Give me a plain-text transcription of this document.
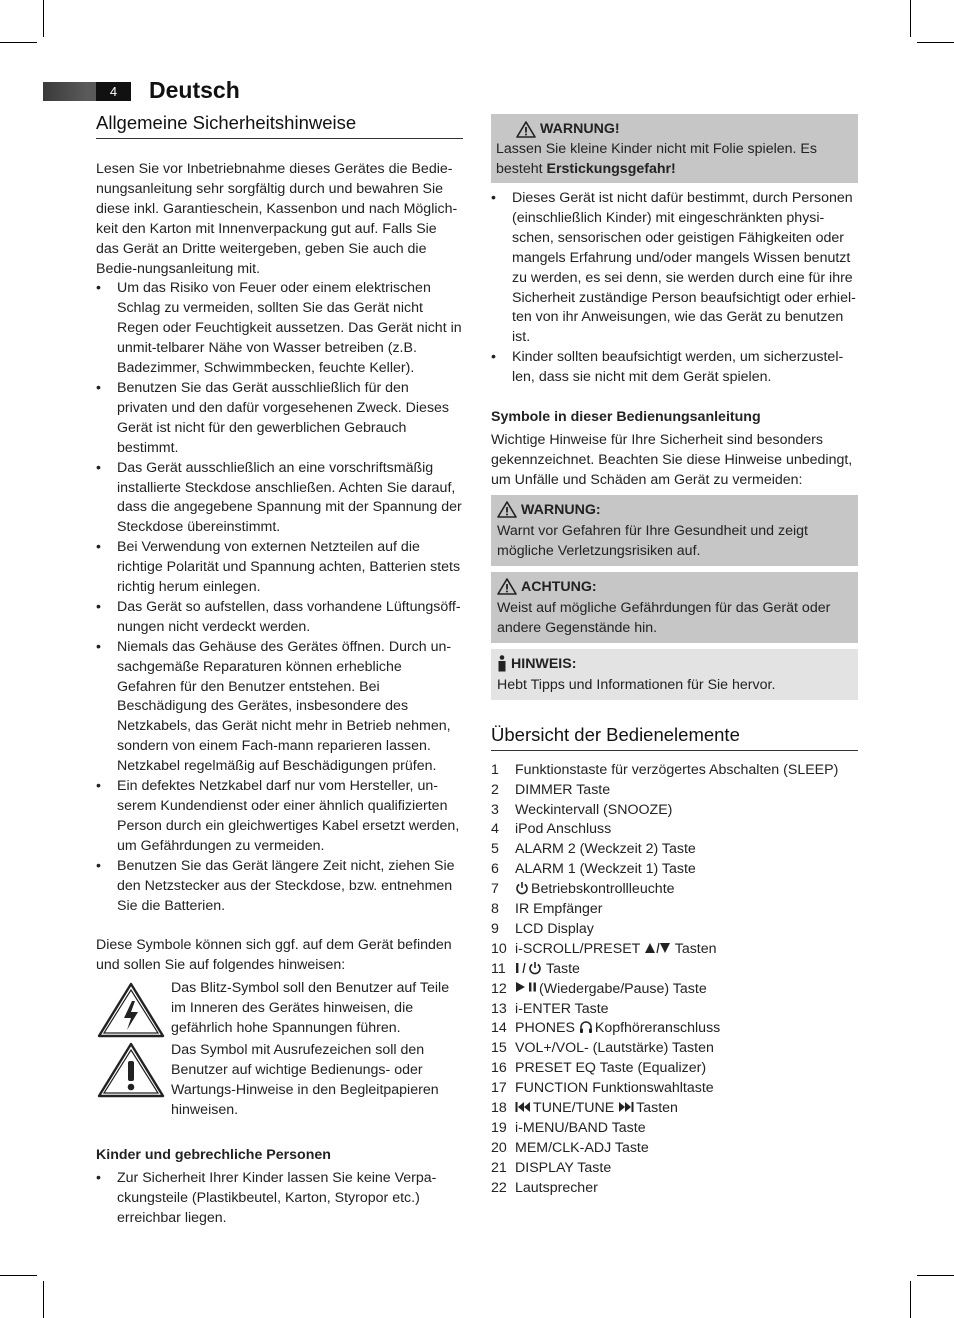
4	Deutsch
Allgemeine Sicherheitshinweise

Lesen Sie vor Inbetriebnahme dieses Gerätes die Bedie-nungsanleitung sehr sorgfältig durch und bewahren Sie diese inkl. Garantieschein, Kassenbon und nach Möglich-keit den Karton mit Innenverpackung gut auf. Falls Sie das Gerät an Dritte weitergeben, geben Sie auch die Bedie-nungsanleitung mit.

• Um das Risiko von Feuer oder einem elektrischen Schlag zu vermeiden, sollten Sie das Gerät nicht Regen oder Feuchtigkeit aussetzen. Das Gerät nicht in unmit-telbarer Nähe von Wasser betreiben (z.B. Badezimmer, Schwimmbecken, feuchte Keller).
• Benutzen Sie das Gerät ausschließlich für den privaten und den dafür vorgesehenen Zweck. Dieses Gerät ist nicht für den gewerblichen Gebrauch bestimmt.
• Das Gerät ausschließlich an eine vorschriftsmäßig installierte Steckdose anschließen. Achten Sie darauf, dass die angegebene Spannung mit der Spannung der Steckdose übereinstimmt.
• Bei Verwendung von externen Netzteilen auf die richtige Polarität und Spannung achten, Batterien stets richtig herum einlegen.
• Das Gerät so aufstellen, dass vorhandene Lüftungsöff-nungen nicht verdeckt werden.
• Niemals das Gehäuse des Gerätes öffnen. Durch un-sachgemäße Reparaturen können erhebliche Gefahren für den Benutzer entstehen. Bei Beschädigung des Gerätes, insbesondere des Netzkabels, das Gerät nicht mehr in Betrieb nehmen, sondern von einem Fach-mann reparieren lassen. Netzkabel regelmäßig auf Beschädigungen prüfen.
• Ein defektes Netzkabel darf nur vom Hersteller, un-serem Kundendienst oder einer ähnlich qualifizierten Person durch ein gleichwertiges Kabel ersetzt werden, um Gefährdungen zu vermeiden.
• Benutzen Sie das Gerät längere Zeit nicht, ziehen Sie den Netzstecker aus der Steckdose, bzw. entnehmen Sie die Batterien.

Diese Symbole können sich ggf. auf dem Gerät befinden und sollen Sie auf folgendes hinweisen:

Das Blitz-Symbol soll den Benutzer auf Teile im Inneren des Gerätes hinweisen, die gefährlich hohe Spannungen führen.

Das Symbol mit Ausrufezeichen soll den Benutzer auf wichtige Bedienungs- oder Wartungs-Hinweise in den Begleitpapieren hinweisen.

Kinder und gebrechliche Personen

• Zur Sicherheit Ihrer Kinder lassen Sie keine Verpa-ckungsteile (Plastikbeutel, Karton, Styropor etc.) erreichbar liegen.
WARNUNG!
Lassen Sie kleine Kinder nicht mit Folie spielen. Es besteht Erstickungsgefahr!
• Dieses Gerät ist nicht dafür bestimmt, durch Personen (einschließlich Kinder) mit eingeschränkten physi-schen, sensorischen oder geistigen Fähigkeiten oder mangels Erfahrung und/oder mangels Wissen benutzt zu werden, es sei denn, sie werden durch eine für ihre Sicherheit zuständige Person beaufsichtigt oder erhiel-ten von ihr Anweisungen, wie das Gerät zu benutzen ist.
• Kinder sollten beaufsichtigt werden, um sicherzustel-len, dass sie nicht mit dem Gerät spielen.

Symbole in dieser Bedienungsanleitung

Wichtige Hinweise für Ihre Sicherheit sind besonders gekennzeichnet. Beachten Sie diese Hinweise unbedingt, um Unfälle und Schäden am Gerät zu vermeiden:

WARNUNG:
Warnt vor Gefahren für Ihre Gesundheit und zeigt mögliche Verletzungsrisiken auf.
ACHTUNG:
Weist auf mögliche Gefährdungen für das Gerät oder andere Gegenstände hin.
HINWEIS:
Hebt Tipps und Informationen für Sie hervor.
Übersicht der Bedienelemente
1	Funktionstaste für verzögertes Abschalten (SLEEP)
2	DIMMER Taste
3	Weckintervall (SNOOZE)
4	iPod Anschluss
5	ALARM 2 (Weckzeit 2) Taste
6	ALARM 1 (Weckzeit 1) Taste
7	Betriebskontrollleuchte
8	IR Empfänger
9	LCD Display
10 i-SCROLL/PRESET  Tasten
11	Taste
12	(Wiedergabe/Pause) Taste
13 i-ENTER Taste
14 PHONES Kopfhöreranschluss
15 VOL+/VOL- (Lautstärke) Tasten
16 PRESET EQ Taste (Equalizer)
17 FUNCTION Funktionswahltaste
18	TUNE/TUNE Tasten
19 i-MENU/BAND Taste
20 MEM/CLK-ADJ Taste
21 DISPLAY Taste
22 Lautsprecher
